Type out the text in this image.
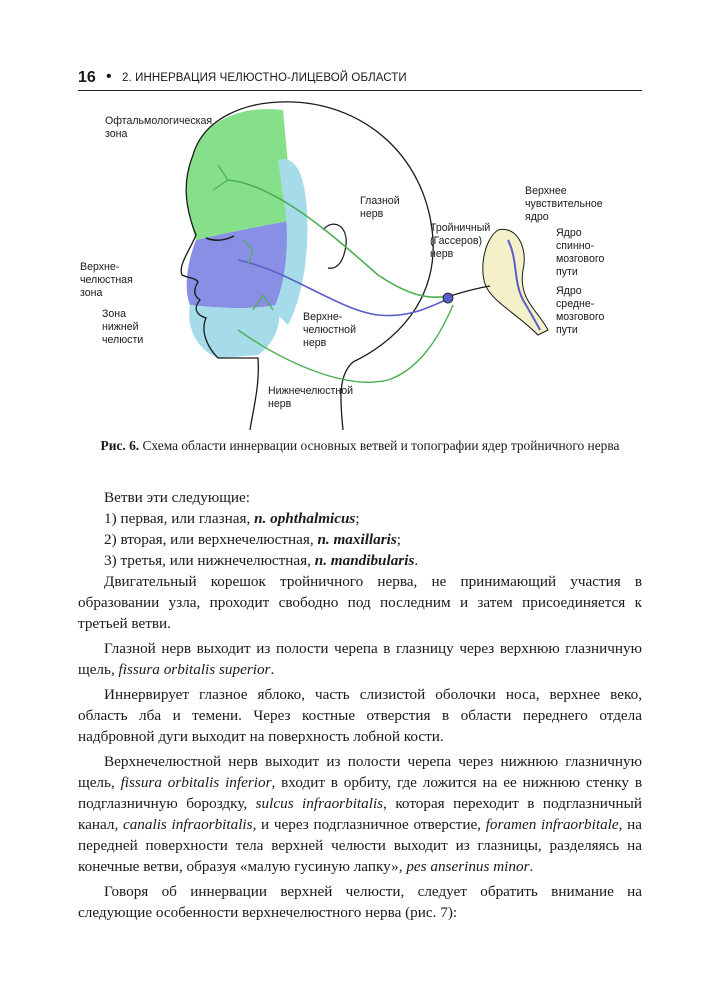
16 • 2. ИННЕРВАЦИЯ ЧЕЛЮСТНО-ЛИЦЕВОЙ ОБЛАСТИ
Офтальмологическая
зона
Верхне-
челюстная
зона
Зона
нижней
челюсти
Глазной
нерв
Тройничный
(Гассеров)
нерв
Верхне-
челюстной
нерв
Нижнечелюстной
нерв
Верхнее
чувствительное
ядро
Ядро
спинно-
мозгового
пути
Ядро
средне-
мозгового
пути
Рис. 6. Схема области иннервации основных ветвей и топографии ядер тройничного нерва

Ветви эти следующие:

1) первая, или глазная, n. ophthalmicus;

2) вторая, или верхнечелюстная, n. maxillaris;

3) третья, или нижнечелюстная, n. mandibularis.

Двигательный корешок тройничного нерва, не принимающий участия в образовании узла, проходит свободно под последним и затем присоединяется к третьей ветви.

Глазной нерв выходит из полости черепа в глазницу через верхнюю глазничную щель, fissura orbitalis superior.

Иннервирует глазное яблоко, часть слизистой оболочки носа, верхнее веко, область лба и темени. Через костные отверстия в области переднего отдела надбровной дуги выходит на поверхность лобной кости.

Верхнечелюстной нерв выходит из полости черепа через нижнюю глазничную щель, fissura orbitalis inferior, входит в орбиту, где ложится на ее нижнюю стенку в подглазничную бороздку, sulcus infraorbitalis, которая переходит в подглазничный канал, canalis infraorbitalis, и через подглазничное отверстие, foramen infraorbitale, на передней поверхности тела верхней челюсти выходит из глазницы, разделяясь на конечные ветви, образуя «малую гусиную лапку», pes anserinus minor.

Говоря об иннервации верхней челюсти, следует обратить внимание на следующие особенности верхнечелюстного нерва (рис. 7):
